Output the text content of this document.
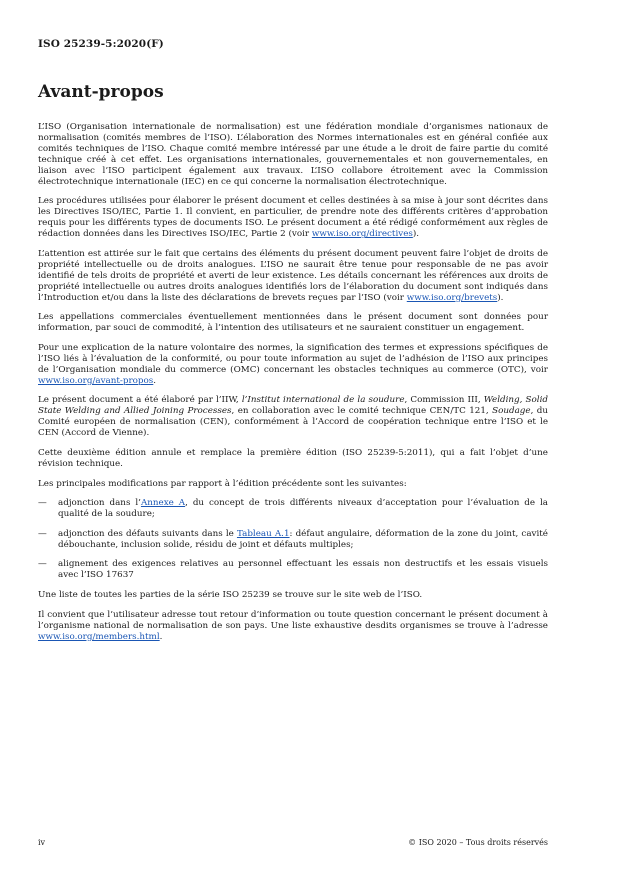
ISO 25239-5:2020(F)
Avant-propos

L’ISO (Organisation internationale de normalisation) est une fédération mondiale d’organismes nationaux de normalisation (comités membres de l’ISO). L’élaboration des Normes internationales est en général confiée aux comités techniques de l’ISO. Chaque comité membre intéressé par une étude a le droit de faire partie du comité technique créé à cet effet. Les organisations internationales, gouvernementales et non gouvernementales, en liaison avec l’ISO participent également aux travaux. L’ISO collabore étroitement avec la Commission électrotechnique internationale (IEC) en ce qui concerne la normalisation électrotechnique.

Les procédures utilisées pour élaborer le présent document et celles destinées à sa mise à jour sont décrites dans les Directives ISO/IEC, Partie 1. Il convient, en particulier, de prendre note des différents critères d’approbation requis pour les différents types de documents ISO. Le présent document a été rédigé conformément aux règles de rédaction données dans les Directives ISO/IEC, Partie 2 (voir www.iso.org/directives).

L’attention est attirée sur le fait que certains des éléments du présent document peuvent faire l’objet de droits de propriété intellectuelle ou de droits analogues. L’ISO ne saurait être tenue pour responsable de ne pas avoir identifié de tels droits de propriété et averti de leur existence. Les détails concernant les références aux droits de propriété intellectuelle ou autres droits analogues identifiés lors de l’élaboration du document sont indiqués dans l’Introduction et/ou dans la liste des déclarations de brevets reçues par l’ISO (voir www.iso.org/brevets).

Les appellations commerciales éventuellement mentionnées dans le présent document sont données pour information, par souci de commodité, à l’intention des utilisateurs et ne sauraient constituer un engagement.

Pour une explication de la nature volontaire des normes, la signification des termes et expressions spécifiques de l’ISO liés à l’évaluation de la conformité, ou pour toute information au sujet de l’adhésion de l’ISO aux principes de l’Organisation mondiale du commerce (OMC) concernant les obstacles techniques au commerce (OTC), voir www.iso.org/avant-propos.

Le présent document a été élaboré par l’IIW, l’Institut international de la soudure, Commission III, Welding, Solid State Welding and Allied Joining Processes, en collaboration avec le comité technique CEN/TC 121, Soudage, du Comité européen de normalisation (CEN), conformément à l’Accord de coopération technique entre l’ISO et le CEN (Accord de Vienne).

Cette deuxième édition annule et remplace la première édition (ISO 25239-5:2011), qui a fait l’objet d’une révision technique.

Les principales modifications par rapport à l’édition précédente sont les suivantes:

—	adjonction dans l’Annexe A, du concept de trois différents niveaux d’acceptation pour l’évaluation de la qualité de la soudure;
—	adjonction des défauts suivants dans le Tableau A.1: défaut angulaire, déformation de la zone du joint, cavité débouchante, inclusion solide, résidu de joint et défauts multiples;
—	alignement des exigences relatives au personnel effectuant les essais non destructifs et les essais visuels avec l’ISO 17637

Une liste de toutes les parties de la série ISO 25239 se trouve sur le site web de l’ISO.

Il convient que l’utilisateur adresse tout retour d’information ou toute question concernant le présent document à l’organisme national de normalisation de son pays. Une liste exhaustive desdits organismes se trouve à l’adresse www.iso.org/members.html.

iv	© ISO 2020 – Tous droits réservés
